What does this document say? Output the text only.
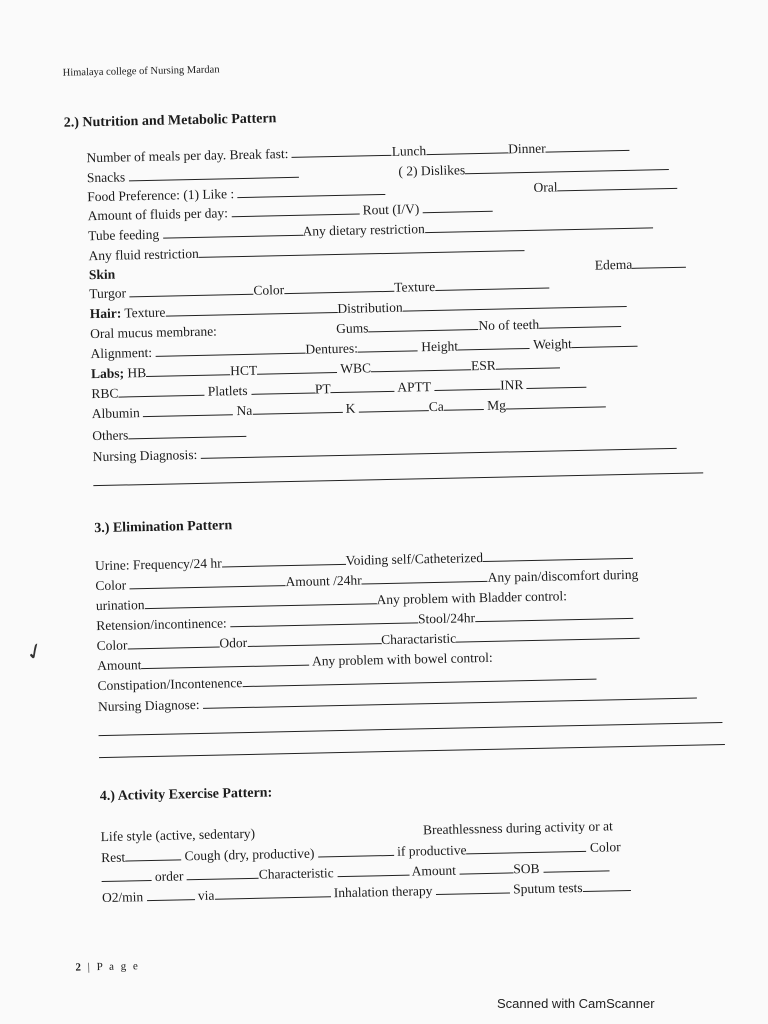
Himalaya college of Nursing Mardan
2.) Nutrition and Metabolic Pattern
Number of meals per day. Break fast:	Lunch	Dinner
Snacks	( 2) Dislikes
Food Preference: (1) Like :	Oral
Amount of fluids per day:	Rout (I/V)
Tube feeding	Any dietary restriction
Any fluid restriction
Skin
Edema
Turgor	Color	Texture
Hair: Texture	Distribution
Oral mucus membrane:	Gums	No of teeth
Alignment:	Dentures:	Height	Weight
Labs; HB	HCT	WBC	ESR
RBC	Platlets	PT	APTT	INR
Albumin	Na	K	Ca	Mg
Others
Nursing Diagnosis:
3.) Elimination Pattern
Urine: Frequency/24 hr	Voiding self/Catheterized
Color	Amount /24hr	Any pain/discomfort during
urination	Any problem with Bladder control:
Retension/incontinence:	Stool/24hr
Color	Odor	Charactaristic
Amount	Any problem with bowel control:
Constipation/Incontenence
Nursing Diagnose:
4.) Activity Exercise Pattern:
Life style (active, sedentary)	Breathlessness during activity or at
Rest	Cough (dry, productive)	if productive	Color
order	Characteristic	Amount	SOB
O2/min	via	Inhalation therapy	Sputum tests
2 | P a g e
✓
Scanned with CamScanner
